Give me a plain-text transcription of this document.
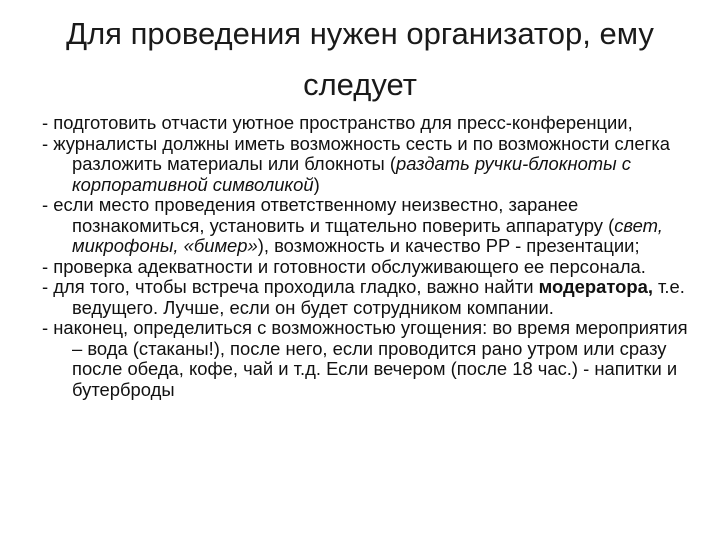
Для проведения нужен организатор, ему следует

- подготовить отчасти уютное пространство для пресс-конференции,

- журналисты должны иметь возможность сесть и по возможности слегка разложить материалы или блокноты (раздать ручки-блокноты с корпоративной символикой)

- если место проведения ответственному неизвестно, заранее познакомиться, установить и тщательно поверить аппаратуру (свет, микрофоны, «бимер»), возможность и качество PP - презентации;

- проверка адекватности и готовности обслуживающего ее персонала.

- для того, чтобы встреча проходила гладко, важно найти модератора, т.е. ведущего. Лучше, если он будет сотрудником компании.

- наконец, определиться с возможностью угощения: во время мероприятия – вода (стаканы!), после него, если проводится рано утром или сразу после обеда, кофе, чай и т.д. Если вечером (после 18 час.) - напитки и бутерброды
